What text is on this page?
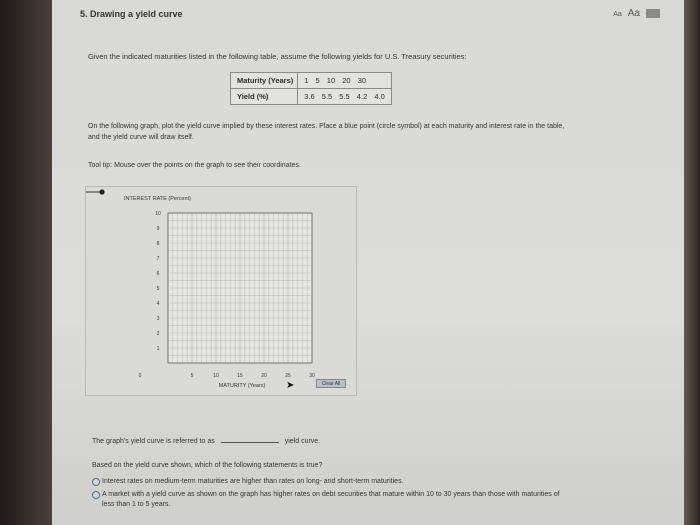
5. Drawing a yield curve	Aa Aa
Given the indicated maturities listed in the following table, assume the following yields for U.S. Treasury securities:
Maturity (Years)	1 5 10 20 30
Yield (%)	3.6 5.5 5.5 4.2 4.0
On the following graph, plot the yield curve implied by these interest rates. Place a blue point (circle symbol) at each maturity and interest rate in the table, and the yield curve will draw itself.
Tool tip: Mouse over the points on the graph to see their coordinates.
INTEREST RATE (Percent)
MATURITY (Years)
1
2
3
4
5
6
7
8
9
10
0	5	10	15	20	25	30
➤	Clear All
The graph's yield curve is referred to as	yield curve.
Based on the yield curve shown, which of the following statements is true?
Interest rates on medium-term maturities are higher than rates on long- and short-term maturities.
A market with a yield curve as shown on the graph has higher rates on debt securities that mature within 10 to 30 years than those with maturities of less than 1 to 5 years.
